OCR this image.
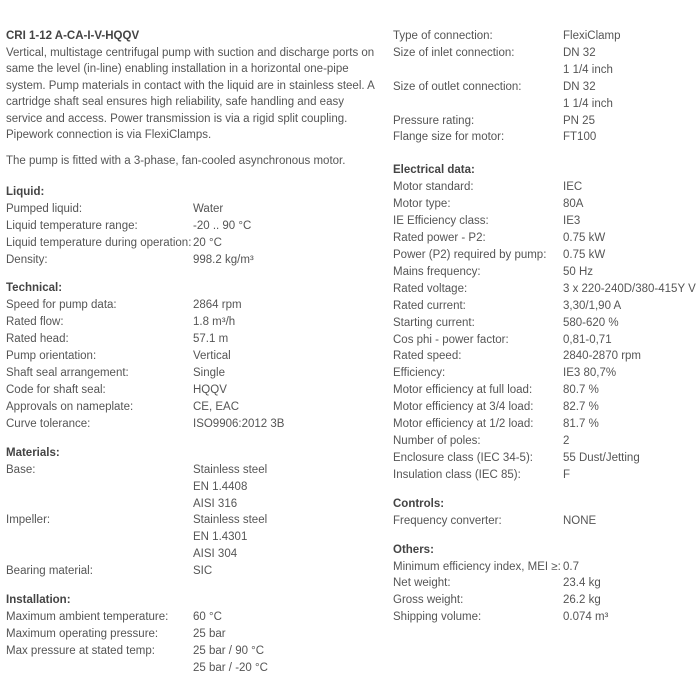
CRI 1-12 A-CA-I-V-HQQV

Vertical, multistage centrifugal pump with suction and discharge ports on same the level (in-line) enabling installation in a horizontal one-pipe system. Pump materials in contact with the liquid are in stainless steel. A cartridge shaft seal ensures high reliability, safe handling and easy service and access. Power transmission is via a rigid split coupling. Pipework connection is via FlexiClamps.

The pump is fitted with a 3-phase, fan-cooled asynchronous motor.

Liquid:
Pumped liquid:	Water
Liquid temperature range:	-20 .. 90 °C
Liquid temperature during operation: 20 °C
Density:	998.2 kg/m³
Technical:
Speed for pump data:	2864 rpm
Rated flow:	1.8 m³/h
Rated head:	57.1 m
Pump orientation:	Vertical
Shaft seal arrangement:	Single
Code for shaft seal:	HQQV
Approvals on nameplate:	CE, EAC
Curve tolerance:	ISO9906:2012 3B
Materials:
Base:	Stainless steel
EN 1.4408
AISI 316
Impeller:	Stainless steel
EN 1.4301
AISI 304
Bearing material:	SIC
Installation:
Maximum ambient temperature: 60 °C
Maximum operating pressure:	25 bar
Max pressure at stated temp:	25 bar / 90 °C
25 bar / -20 °C
Type of connection:	FlexiClamp
Size of inlet connection:	DN 32
1 1/4 inch
Size of outlet connection:	DN 32
1 1/4 inch
Pressure rating:	PN 25
Flange size for motor:	FT100
Electrical data:
Motor standard:	IEC
Motor type:	80A
IE Efficiency class:	IE3
Rated power - P2:	0.75 kW
Power (P2) required by pump: 0.75 kW
Mains frequency:	50 Hz
Rated voltage:	3 x 220-240D/380-415Y V
Rated current:	3,30/1,90 A
Starting current:	580-620 %
Cos phi - power factor:	0,81-0,71
Rated speed:	2840-2870 rpm
Efficiency:	IE3 80,7%
Motor efficiency at full load:	80.7 %
Motor efficiency at 3/4 load:	82.7 %
Motor efficiency at 1/2 load:	81.7 %
Number of poles:	2
Enclosure class (IEC 34-5):	55 Dust/Jetting
Insulation class (IEC 85):	F
Controls:
Frequency converter:	NONE
Others:
Minimum efficiency index, MEI ≥: 0.7
Net weight:	23.4 kg
Gross weight:	26.2 kg
Shipping volume:	0.074 m³
